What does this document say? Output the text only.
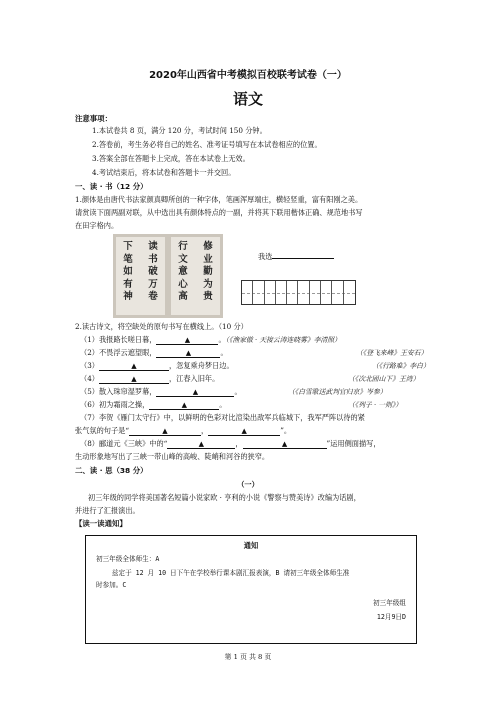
2020年山西省中考模拟百校联考试卷（一）
语文
注意事项：
1.本试卷共 8 页，满分 120 分，考试时间 150 分钟。
2.答卷前，考生务必将自己的姓名、准考证号填写在本试卷相应的位置。
3.答案全部在答题卡上完成，答在本试卷上无效。
4.考试结束后，将本试卷和答题卡一并交回。
一、读 · 书（12 分）
1.颜体是由唐代书法家颜真卿所创的一种字体，笔画浑厚端庄，横轻竖重，富有阳刚之美。
请赏读下面两副对联，从中选出具有颜体特点的一副，并将其下联用楷体正确、规范地书写
在田字格内。
下
笔
如
有
神
读
书
破
万
卷
行
文
意
心
高
修
业
勤
为
贵
我选
2.读古诗文，将空缺处的原句书写在横线上。（10 分）
（1）我报路长嗟日暮，	▲	。（《渔家傲 · 天接云涛连晓雾》李清照）
（2）不畏浮云遮望眼，	▲	。	（《登飞来峰》王安石）
（3）	▲	，忽复乘舟梦日边。	（《行路难》李白）
（4）	▲	，江春入旧年。	（《次北固山下》王湾）
（5）散入珠帘湿罗幕，	▲	。	（《白雪歌送武判官归京》岑参）
（6）初为霜雨之操，	▲	。	（《列子 · 一则》）
（7）李贺《雁门太守行》中，以鲜明的色彩对比渲染出敌军兵临城下，我军严阵以待的紧
张气氛的句子是“	▲	，	▲	”。
（8）郦道元《三峡》中的“	▲	，	▲	”运用侧面描写，
生动形象地写出了三峡一带山峰的高峻、陡峭和河谷的狭窄。
二、读 · 思（38 分）
（一）
初三年级的同学将美国著名短篇小说家欧 · 亨利的小说《警察与赞美诗》改编为话剧，
并进行了汇报演出。
【读一读通知】
通知
初三年级全体师生：A
兹定于 12 月 10 日下午在学校举行课本剧汇报表演，B 请初三年级全体师生准
时参加。C
初三年级组
12月9日D
第 1 页 共 8 页
